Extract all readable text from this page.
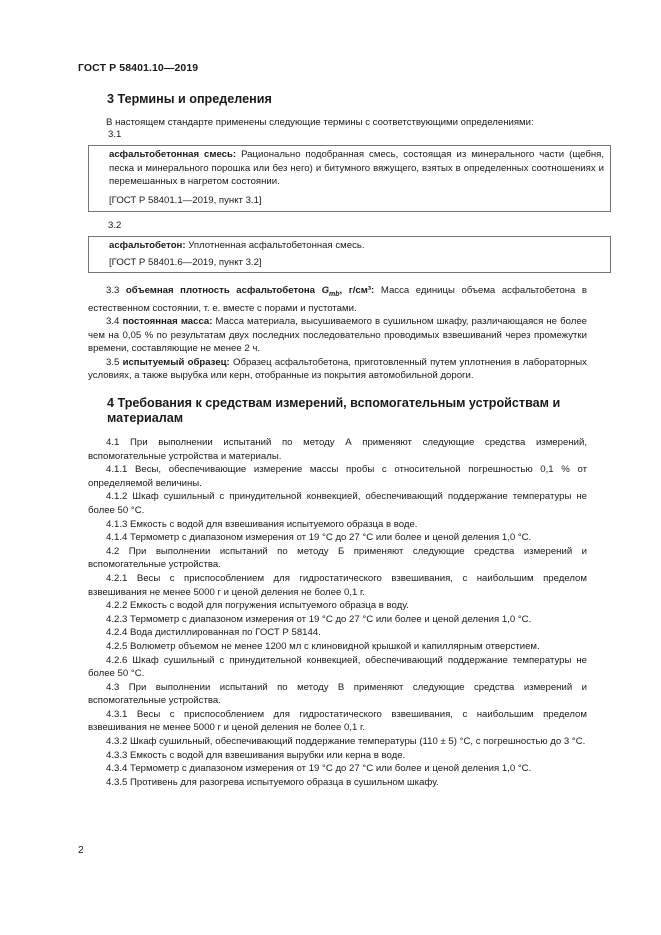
ГОСТ Р 58401.10—2019
3 Термины и определения

В настоящем стандарте применены следующие термины с соответствующими определениями:

3.1

асфальтобетонная смесь: Рационально подобранная смесь, состоящая из минерального части (щебня, песка и минерального порошка или без него) и битумного вяжущего, взятых в определенных соотношениях и перемешанных в нагретом состоянии.

[ГОСТ Р 58401.1—2019, пункт 3.1]

3.2

асфальтобетон: Уплотненная асфальтобетонная смесь.

[ГОСТ Р 58401.6—2019, пункт 3.2]

3.3 объемная плотность асфальтобетона $G_{mb}$, г/см³: Масса единицы объема асфальтобетона в естественном состоянии, т. е. вместе с порами и пустотами.

3.4 постоянная масса: Масса материала, высушиваемого в сушильном шкафу, различающаяся не более чем на 0,05 % по результатам двух последних последовательно проводимых взвешиваний через промежутки времени, составляющие не менее 2 ч.

3.5 испытуемый образец: Образец асфальтобетона, приготовленный путем уплотнения в лабораторных условиях, а также вырубка или керн, отобранные из покрытия автомобильной дороги.

4 Требования к средствам измерений, вспомогательным устройствам и материалам

4.1 При выполнении испытаний по методу А применяют следующие средства измерений, вспомогательные устройства и материалы.

4.1.1 Весы, обеспечивающие измерение массы пробы с относительной погрешностью 0,1 % от определяемой величины.

4.1.2 Шкаф сушильный с принудительной конвекцией, обеспечивающий поддержание температуры не более 50 °С.

4.1.3 Емкость с водой для взвешивания испытуемого образца в воде.

4.1.4 Термометр с диапазоном измерения от 19 °С до 27 °С или более и ценой деления 1,0 °С.

4.2 При выполнении испытаний по методу Б применяют следующие средства измерений и вспомогательные устройства.

4.2.1 Весы с приспособлением для гидростатического взвешивания, с наибольшим пределом взвешивания не менее 5000 г и ценой деления не более 0,1 г.

4.2.2 Емкость с водой для погружения испытуемого образца в воду.

4.2.3 Термометр с диапазоном измерения от 19 °С до 27 °С или более и ценой деления 1,0 °С.

4.2.4 Вода дистиллированная по ГОСТ Р 58144.

4.2.5 Волюметр объемом не менее 1200 мл с клиновидной крышкой и капиллярным отверстием.

4.2.6 Шкаф сушильный с принудительной конвекцией, обеспечивающий поддержание температуры не более 50 °С.

4.3 При выполнении испытаний по методу В применяют следующие средства измерений и вспомогательные устройства.

4.3.1 Весы с приспособлением для гидростатического взвешивания, с наибольшим пределом взвешивания не менее 5000 г и ценой деления не более 0,1 г.

4.3.2 Шкаф сушильный, обеспечивающий поддержание температуры (110 ± 5) °С, с погрешностью до 3 °С.

4.3.3 Емкость с водой для взвешивания вырубки или керна в воде.

4.3.4 Термометр с диапазоном измерения от 19 °С до 27 °С или более и ценой деления 1,0 °С.

4.3.5 Противень для разогрева испытуемого образца в сушильном шкафу.

2
